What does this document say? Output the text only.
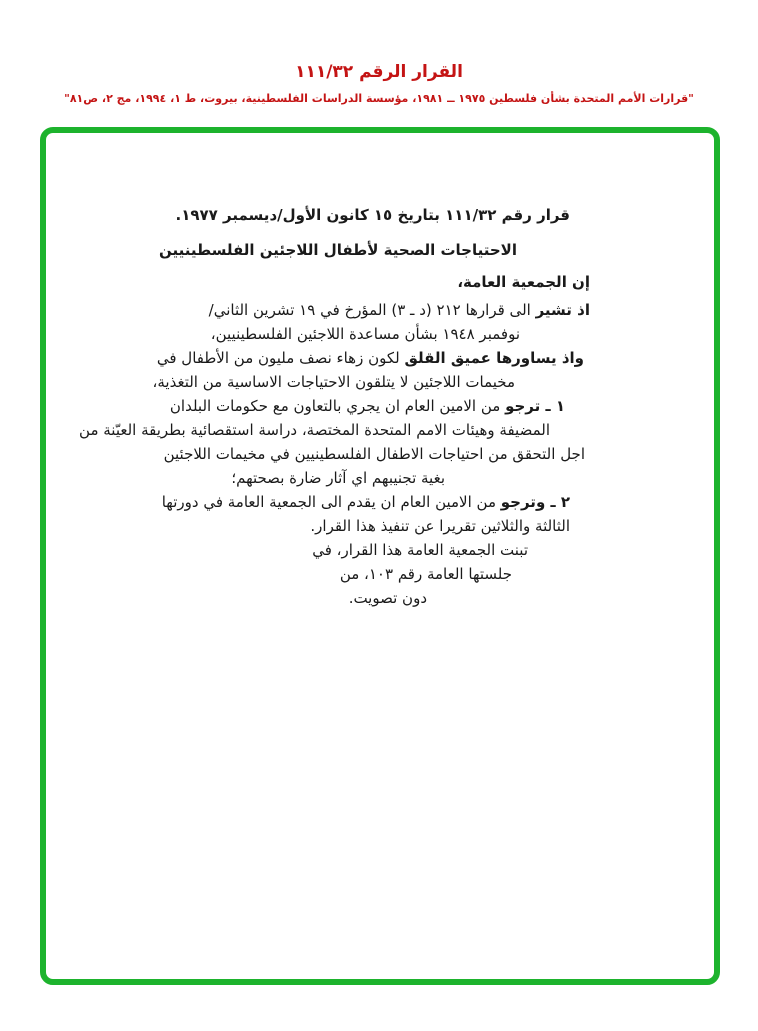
القرار الرقم ١١١/٣٢
"قرارات الأمم المتحدة بشأن فلسطين ١٩٧٥ ــ ١٩٨١، مؤسسة الدراسات الفلسطينية، بيروت، ط ١، ١٩٩٤، مج ٢، ص٨١"
قرار رقم ١١١/٣٢ بتاريخ ١٥ كانون الأول/ديسمبر ١٩٧٧.
الاحتياجات الصحية لأطفال اللاجئين الفلسطينيين
إن الجمعية العامة،
اذ تشير الى قرارها ٢١٢ (د ـ ٣) المؤرخ في ١٩ تشرين الثاني/
نوفمبر ١٩٤٨ بشأن مساعدة اللاجئين الفلسطينيين،
واذ يساورها عميق القلق لكون زهاء نصف مليون من الأطفال في
مخيمات اللاجئين لا يتلقون الاحتياجات الاساسية من التغذية،
١ ـ ترجو من الامين العام ان يجري بالتعاون مع حكومات البلدان
المضيفة وهيئات الامم المتحدة المختصة، دراسة استقصائية بطريقة العيّنة من
اجل التحقق من احتياجات الاطفال الفلسطينيين في مخيمات اللاجئين
بغية تجنيبهم اي آثار ضارة بصحتهم؛
٢ ـ وترجو من الامين العام ان يقدم الى الجمعية العامة في دورتها
الثالثة والثلاثين تقريرا عن تنفيذ هذا القرار.
تبنت الجمعية العامة هذا القرار، في
جلستها العامة رقم ١٠٣، من
دون تصويت.
